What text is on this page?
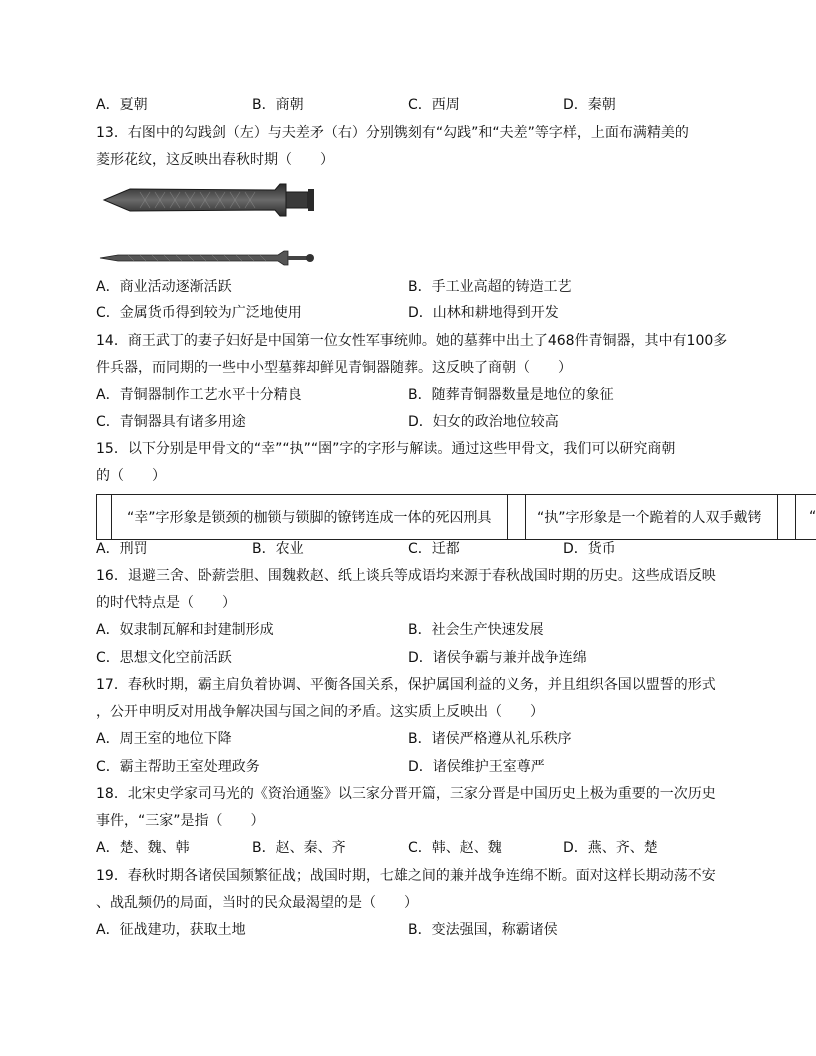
A．夏朝	B．商朝	C．西周	D．秦朝
13．右图中的勾践剑（左）与夫差矛（右）分别镌刻有“勾践”和“夫差”等字样，上面布满精美的
菱形花纹，这反映出春秋时期（　　）
A．商业活动逐渐活跃	B．手工业高超的铸造工艺
C．金属货币得到较为广泛地使用	D．山林和耕地得到开发
14．商王武丁的妻子妇好是中国第一位女性军事统帅。她的墓葬中出土了468件青铜器，其中有100多
件兵器，而同期的一些中小型墓葬却鲜见青铜器随葬。这反映了商朝（　　）
A．青铜器制作工艺水平十分精良	B．随葬青铜器数量是地位的象征
C．青铜器具有诸多用途	D．妇女的政治地位较高
15．以下分别是甲骨文的“幸”“执”“圉”字的字形与解读。通过这些甲骨文，我们可以研究商朝
的（　　）
“幸”字形象是锁颈的枷锁与锁脚的镣铐连成一体的死囚刑具	“执”字形象是一个跪着的人双手戴铐	“
A．刑罚	B．农业	C．迁都	D．货币
16．退避三舍、卧薪尝胆、围魏救赵、纸上谈兵等成语均来源于春秋战国时期的历史。这些成语反映
的时代特点是（　　）
A．奴隶制瓦解和封建制形成	B．社会生产快速发展
C．思想文化空前活跃	D．诸侯争霸与兼并战争连绵
17．春秋时期，霸主肩负着协调、平衡各国关系，保护属国利益的义务，并且组织各国以盟誓的形式
，公开申明反对用战争解决国与国之间的矛盾。这实质上反映出（　　）
A．周王室的地位下降	B．诸侯严格遵从礼乐秩序
C．霸主帮助王室处理政务	D．诸侯维护王室尊严
18．北宋史学家司马光的《资治通鉴》以三家分晋开篇，三家分晋是中国历史上极为重要的一次历史
事件，“三家”是指（　　）
A．楚、魏、韩	B．赵、秦、齐	C．韩、赵、魏	D．燕、齐、楚
19．春秋时期各诸侯国频繁征战；战国时期，七雄之间的兼并战争连绵不断。面对这样长期动荡不安
、战乱频仍的局面，当时的民众最渴望的是（　　）
A．征战建功，获取土地	B．变法强国，称霸诸侯
